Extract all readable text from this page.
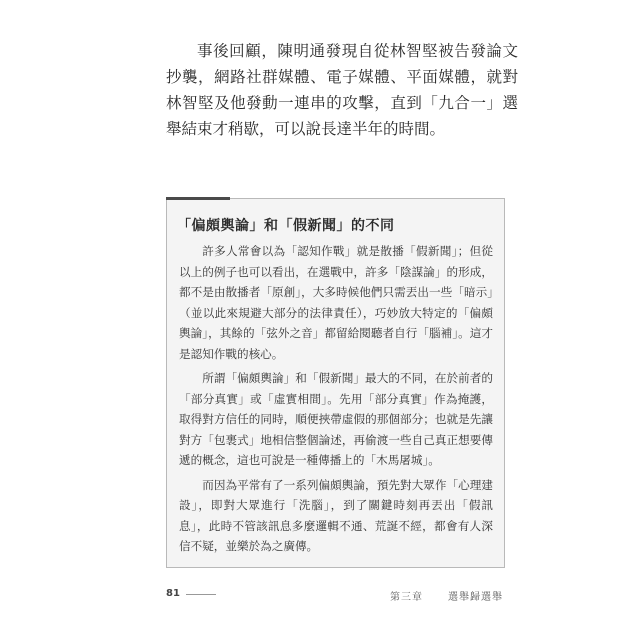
事後回顧，陳明通發現自從林智堅被告發論文抄襲，網路社群媒體、電子媒體、平面媒體，就對林智堅及他發動一連串的攻擊，直到「九合一」選舉結束才稍歇，可以說長達半年的時間。

「偏頗輿論」和「假新聞」的不同

許多人常會以為「認知作戰」就是散播「假新聞」；但從以上的例子也可以看出，在選戰中，許多「陰謀論」的形成，都不是由散播者「原創」，大多時候他們只需丟出一些「暗示」（並以此來規避大部分的法律責任），巧妙放大特定的「偏頗輿論」，其餘的「弦外之音」都留給閱聽者自行「腦補」。這才是認知作戰的核心。

所謂「偏頗輿論」和「假新聞」最大的不同，在於前者的「部分真實」或「虛實相間」。先用「部分真實」作為掩護，取得對方信任的同時，順便挾帶虛假的那個部分；也就是先讓對方「包裹式」地相信整個論述，再偷渡一些自己真正想要傳遞的概念，這也可說是一種傳播上的「木馬屠城」。

而因為平常有了一系列偏頗輿論，預先對大眾作「心理建設」，即對大眾進行「洗腦」，到了關鍵時刻再丟出「假訊息」，此時不管該訊息多麼邏輯不通、荒誕不經，都會有人深信不疑，並樂於為之廣傳。

81	第三章	選舉歸選舉
